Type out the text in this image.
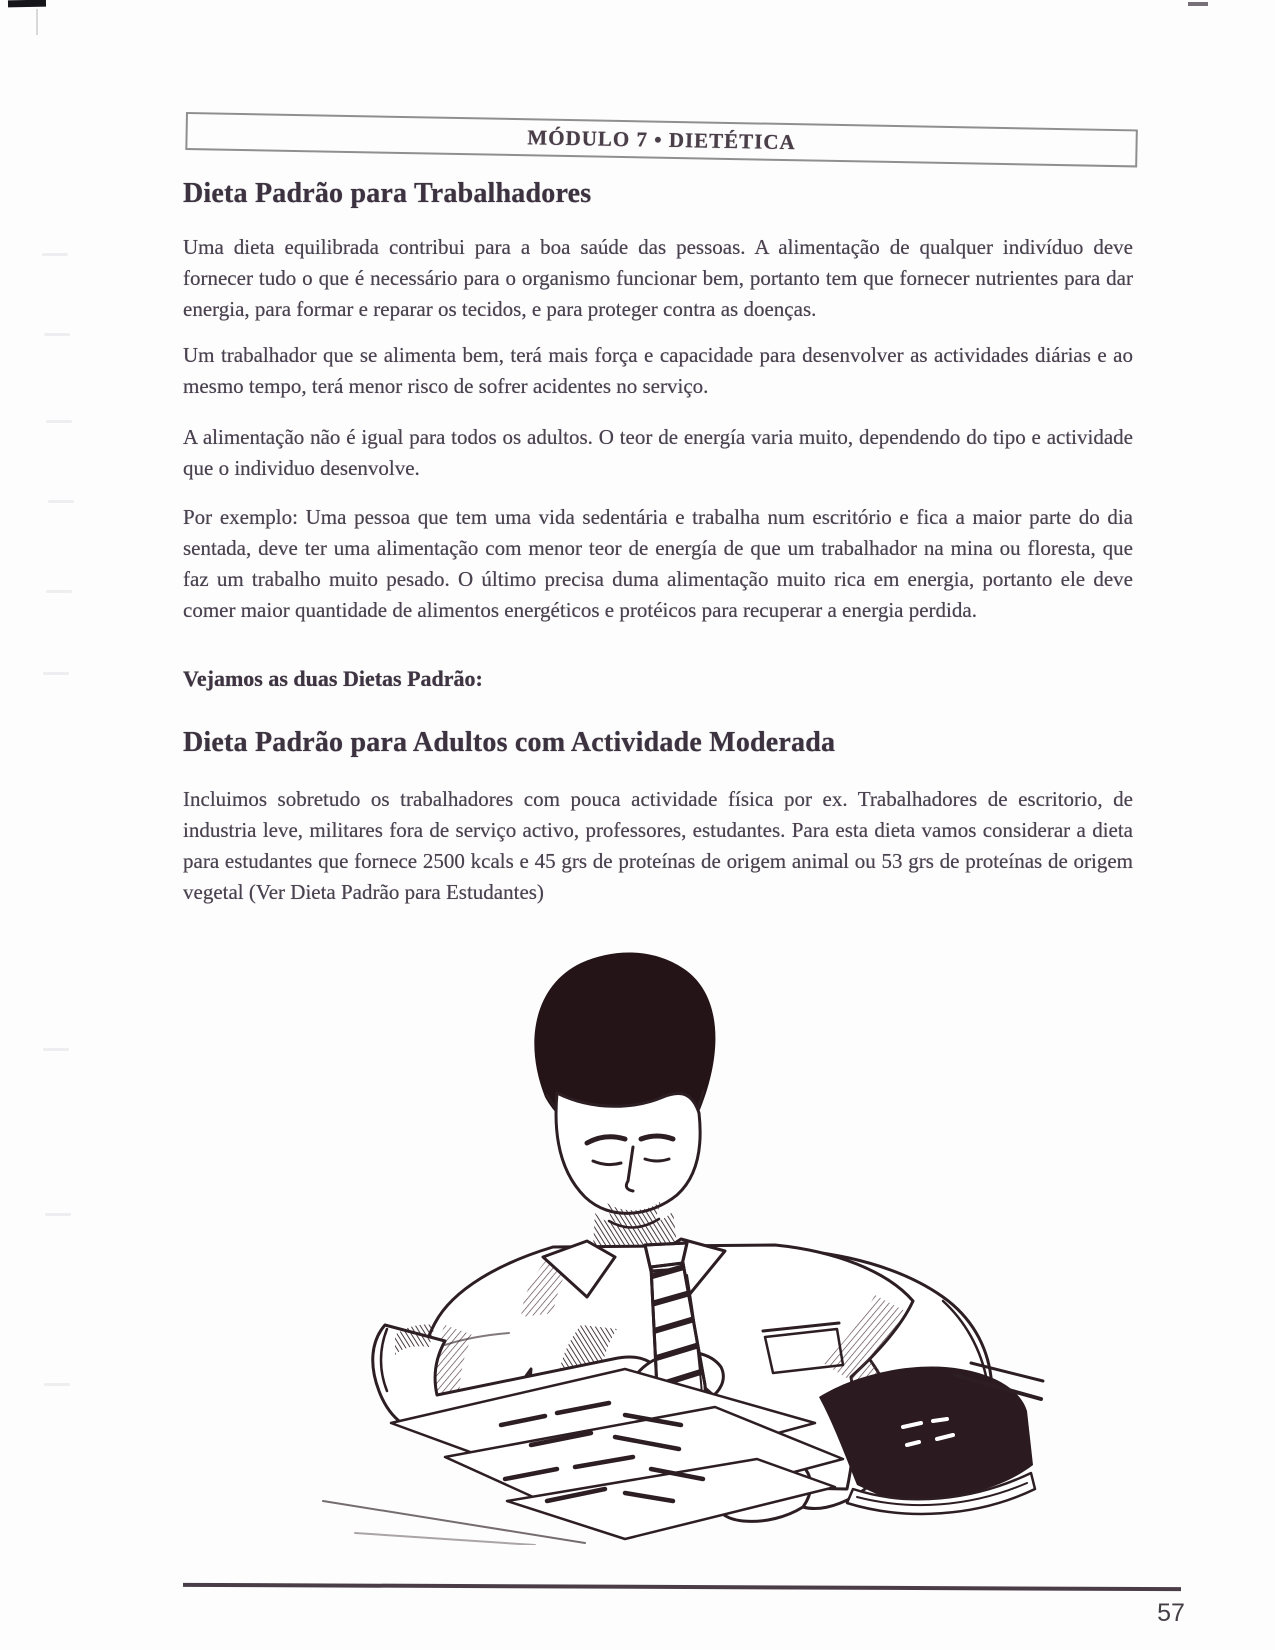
MÓDULO 7 • DIETÉTICA
Dieta Padrão para Trabalhadores

Uma dieta equilibrada contribui para a boa saúde das pessoas. A alimentação de qualquer indivíduo deve fornecer tudo o que é necessário para o organismo funcionar bem, portanto tem que fornecer nutrientes para dar energia, para formar e reparar os tecidos, e para proteger contra as doenças.

Um trabalhador que se alimenta bem, terá mais força e capacidade para desenvolver as actividades diárias e ao mesmo tempo, terá menor risco de sofrer acidentes no serviço.

A alimentação não é igual para todos os adultos. O teor de energía varia muito, dependendo do tipo e actividade que o individuo desenvolve.

Por exemplo: Uma pessoa que tem uma vida sedentária e trabalha num escritório e fica a maior parte do dia sentada, deve ter uma alimentação com menor teor de energía de que um trabalhador na mina ou floresta, que faz um trabalho muito pesado. O último precisa duma alimentação muito rica em energia, portanto ele deve comer maior quantidade de alimentos energéticos e protéicos para recuperar a energia perdida.

Vejamos as duas Dietas Padrão:

Dieta Padrão para Adultos com Actividade Moderada

Incluimos sobretudo os trabalhadores com pouca actividade física por ex. Trabalhadores de escritorio, de industria leve, militares fora de serviço activo, professores, estudantes. Para esta dieta vamos considerar a dieta para estudantes que fornece 2500 kcals e 45 grs de proteínas de origem animal ou 53 grs de proteínas de origem vegetal (Ver Dieta Padrão para Estudantes)

57
